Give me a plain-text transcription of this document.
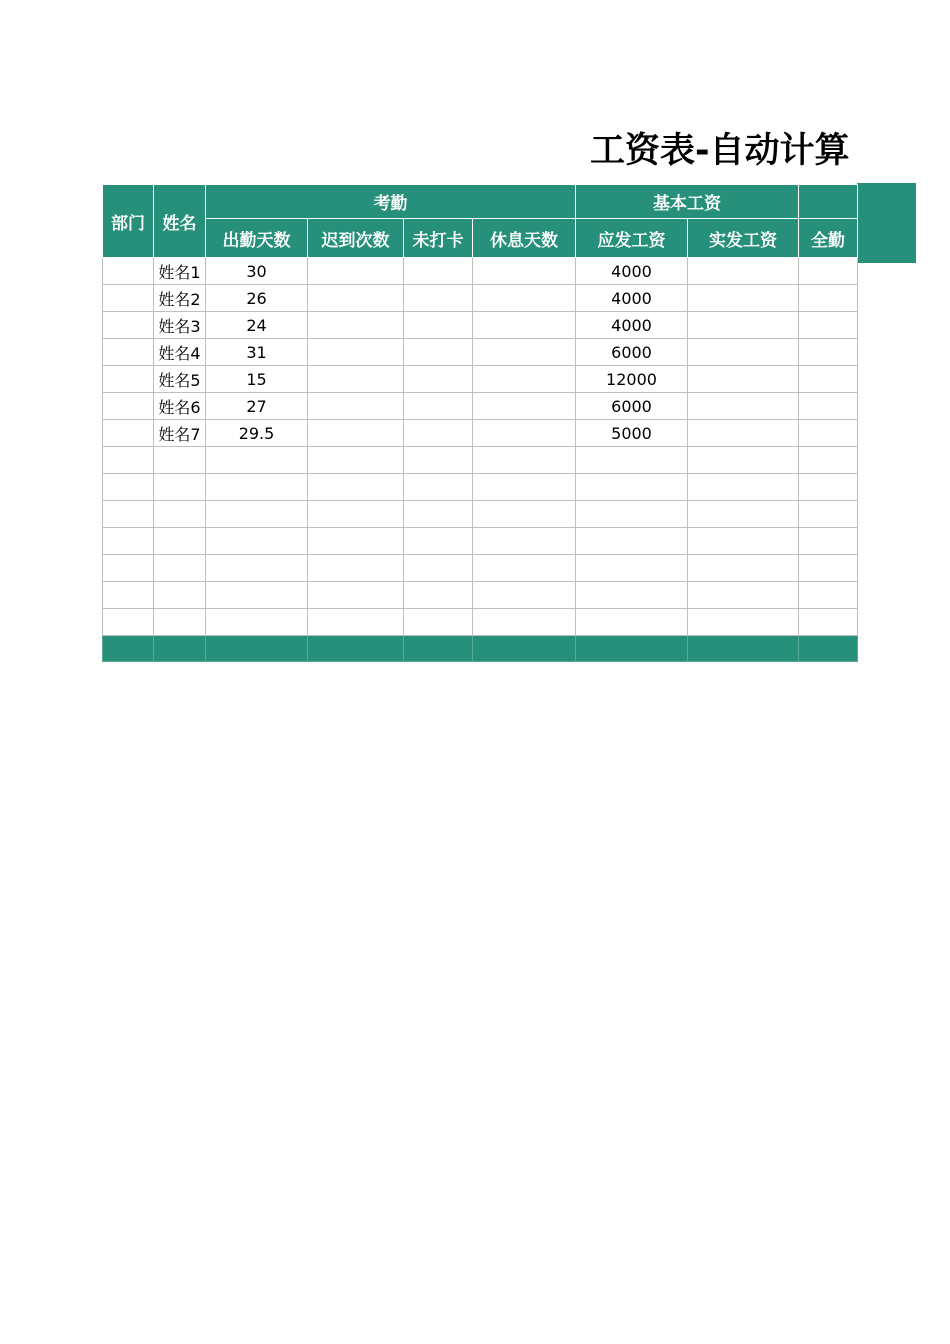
工资表-自动计算
部门	姓名	考勤				基本工资		
		出勤天数	迟到次数	未打卡	休息天数	应发工资	实发工资	全勤
	姓名1	30				4000		
	姓名2	26				4000		
	姓名3	24				4000		
	姓名4	31				6000		
	姓名5	15				12000		
	姓名6	27				6000		
	姓名7	29.5				5000		
